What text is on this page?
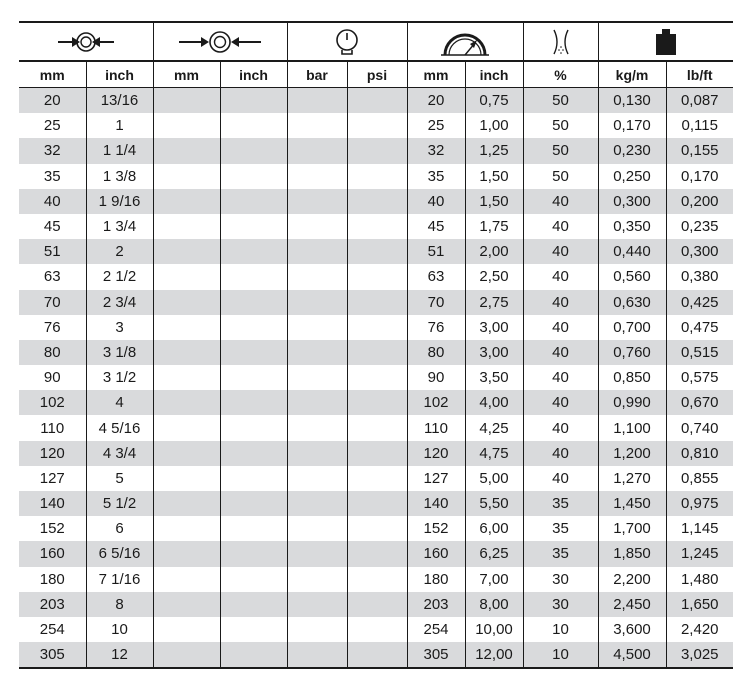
mm	inch	mm	inch	bar	psi	mm	inch	%	kg/m	lb/ft
20	13/16					20	0,75	50	0,130	0,087
25	1					25	1,00	50	0,170	0,115
32	1 1/4					32	1,25	50	0,230	0,155
35	1 3/8					35	1,50	50	0,250	0,170
40	1 9/16					40	1,50	40	0,300	0,200
45	1 3/4					45	1,75	40	0,350	0,235
51	2					51	2,00	40	0,440	0,300
63	2 1/2					63	2,50	40	0,560	0,380
70	2 3/4					70	2,75	40	0,630	0,425
76	3					76	3,00	40	0,700	0,475
80	3 1/8					80	3,00	40	0,760	0,515
90	3 1/2					90	3,50	40	0,850	0,575
102	4					102	4,00	40	0,990	0,670
110	4 5/16					110	4,25	40	1,100	0,740
120	4 3/4					120	4,75	40	1,200	0,810
127	5					127	5,00	40	1,270	0,855
140	5 1/2					140	5,50	35	1,450	0,975
152	6					152	6,00	35	1,700	1,145
160	6 5/16					160	6,25	35	1,850	1,245
180	7 1/16					180	7,00	30	2,200	1,480
203	8					203	8,00	30	2,450	1,650
254	10					254	10,00	10	3,600	2,420
305	12					305	12,00	10	4,500	3,025
